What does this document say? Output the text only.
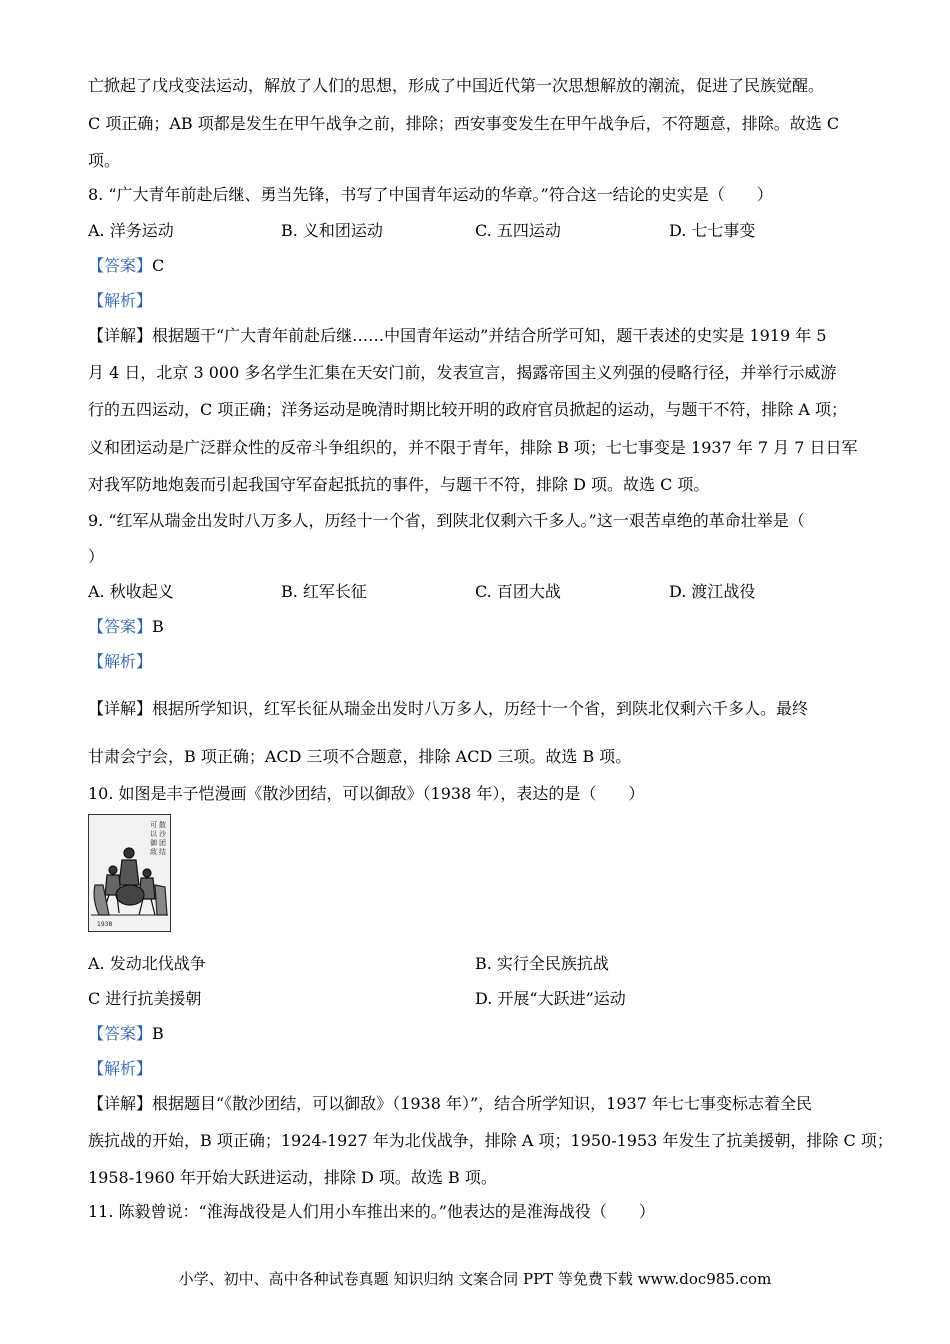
亡掀起了戊戌变法运动，解放了人们的思想，形成了中国近代第一次思想解放的潮流，促进了民族觉醒。
C 项正确；AB 项都是发生在甲午战争之前，排除；西安事变发生在甲午战争后，不符题意，排除。故选 C
项。
8. “广大青年前赴后继、勇当先锋，书写了中国青年运动的华章。”符合这一结论的史实是（　　）
A. 洋务运动	B. 义和团运动	C. 五四运动	D. 七七事变
【答案】C
【解析】
【详解】根据题干“广大青年前赴后继……中国青年运动”并结合所学可知，题干表述的史实是 1919 年 5
月 4 日，北京 3 000 多名学生汇集在天安门前，发表宣言，揭露帝国主义列强的侵略行径，并举行示威游
行的五四运动，C 项正确；洋务运动是晚清时期比较开明的政府官员掀起的运动，与题干不符，排除 A 项；
义和团运动是广泛群众性的反帝斗争组织的，并不限于青年，排除 B 项；七七事变是 1937 年 7 月 7 日日军
对我军防地炮轰而引起我国守军奋起抵抗的事件，与题干不符，排除 D 项。故选 C 项。
9. “红军从瑞金出发时八万多人，历经十一个省，到陕北仅剩六千多人。”这一艰苦卓绝的革命壮举是（
）
A. 秋收起义	B. 红军长征	C. 百团大战	D. 渡江战役
【答案】B
【解析】
【详解】根据所学知识，红军长征从瑞金出发时八万多人，历经十一个省，到陕北仅剩六千多人。最终
甘肃会宁会，B 项正确；ACD 三项不合题意，排除 ACD 三项。故选 B 项。
10. 如图是丰子恺漫画《散沙团结，可以御敌》（1938 年），表达的是（　　）
散
沙
团
结
可
以
御
敌
1938
A. 发动北伐战争	B. 实行全民族抗战
C 进行抗美援朝	D. 开展“大跃进”运动
【答案】B
【解析】
【详解】根据题目“《散沙团结，可以御敌》（1938 年）”，结合所学知识，1937 年七七事变标志着全民
族抗战的开始，B 项正确；1924-1927 年为北伐战争，排除 A 项；1950-1953 年发生了抗美援朝，排除 C 项；
1958-1960 年开始大跃进运动，排除 D 项。故选 B 项。
11. 陈毅曾说：“淮海战役是人们用小车推出来的。”他表达的是淮海战役（　　）
小学、初中、高中各种试卷真题 知识归纳 文案合同 PPT 等免费下载 www.doc985.com
